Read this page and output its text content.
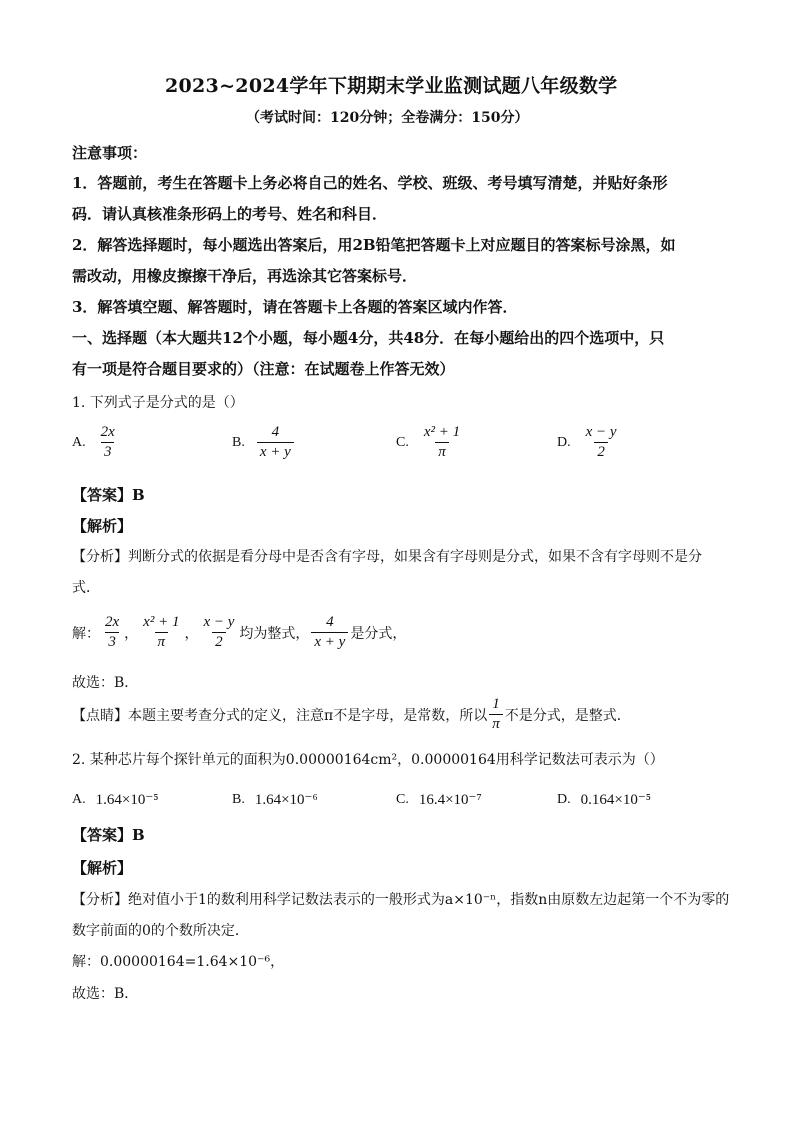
2023~2024学年下期期末学业监测试题八年级数学
（考试时间：120分钟；全卷满分：150分）
注意事项：
1．答题前，考生在答题卡上务必将自己的姓名、学校、班级、考号填写清楚，并贴好条形
码．请认真核准条形码上的考号、姓名和科目．
2．解答选择题时，每小题选出答案后，用2B铅笔把答题卡上对应题目的答案标号涂黑，如
需改动，用橡皮擦擦干净后，再选涂其它答案标号．
3．解答填空题、解答题时，请在答题卡上各题的答案区域内作答．
一、选择题（本大题共12个小题，每小题4分，共48分．在每小题给出的四个选项中，只
有一项是符合题目要求的）（注意：在试题卷上作答无效）
1. 下列式子是分式的是（）
A. $\frac{2x}{3}$	B. $\frac{4}{x + y}$	C. $\frac{\text{x² + 1}}{\pi}$	D. $\frac{x - y}{2}$
【答案】B
【解析】
【分析】判断分式的依据是看分母中是否含有字母，如果含有字母则是分式，如果不含有字母则不是分
式．
解： $\frac{2x}{3}$ ， $\frac{\text{x² + 1}}{\pi}$ ， $\frac{x - y}{2}$ 均为整式， $\frac{4}{x + y}$ 是分式，
故选：B．
【点睛】本题主要考查分式的定义，注意π不是字母，是常数，所以 $\frac{1}{\pi}$ 不是分式，是整式．
2. 某种芯片每个探针单元的面积为0.00000164cm²，0.00000164用科学记数法可表示为（）
A. 1.64×10⁻⁵	B. 1.64×10⁻⁶	C. 16.4×10⁻⁷	D. 0.164×10⁻⁵
【答案】B
【解析】
【分析】绝对值小于1的数利用科学记数法表示的一般形式为a×10⁻ⁿ，指数n由原数左边起第一个不为零的
数字前面的0的个数所决定．
解：0.00000164=1.64×10⁻⁶，
故选：B．
